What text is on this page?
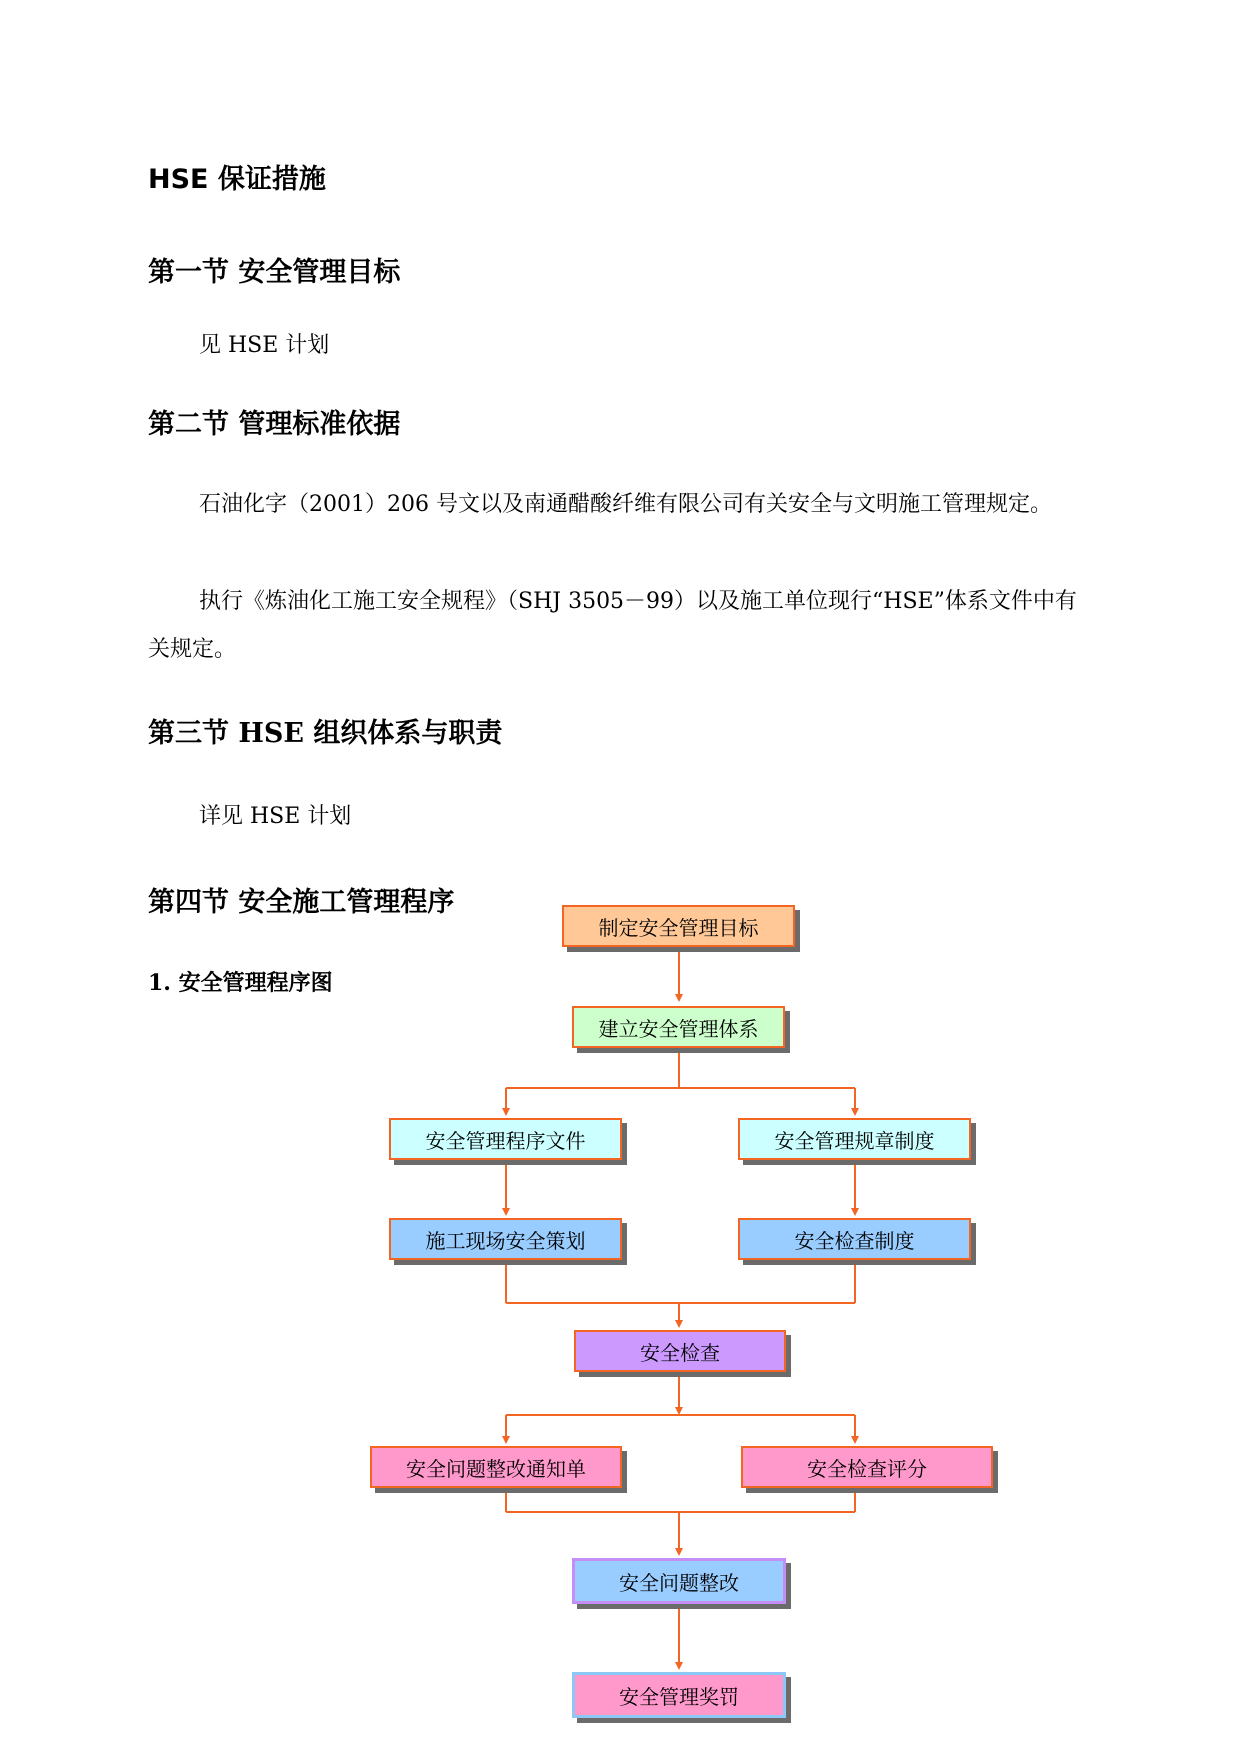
HSE 保证措施
第一节 安全管理目标
见 HSE 计划
第二节 管理标准依据
石油化字（2001）206 号文以及南通醋酸纤维有限公司有关安全与文明施工管理规定。
执行《炼油化工施工安全规程》（SHJ 3505－99）以及施工单位现行“HSE”体系文件中有关规定。
第三节 HSE 组织体系与职责
详见 HSE 计划
第四节 安全施工管理程序
1. 安全管理程序图
制定安全管理目标
建立安全管理体系
安全管理程序文件	安全管理规章制度
施工现场安全策划	安全检查制度
安全检查
安全问题整改通知单	安全检查评分
安全问题整改
安全管理奖罚
